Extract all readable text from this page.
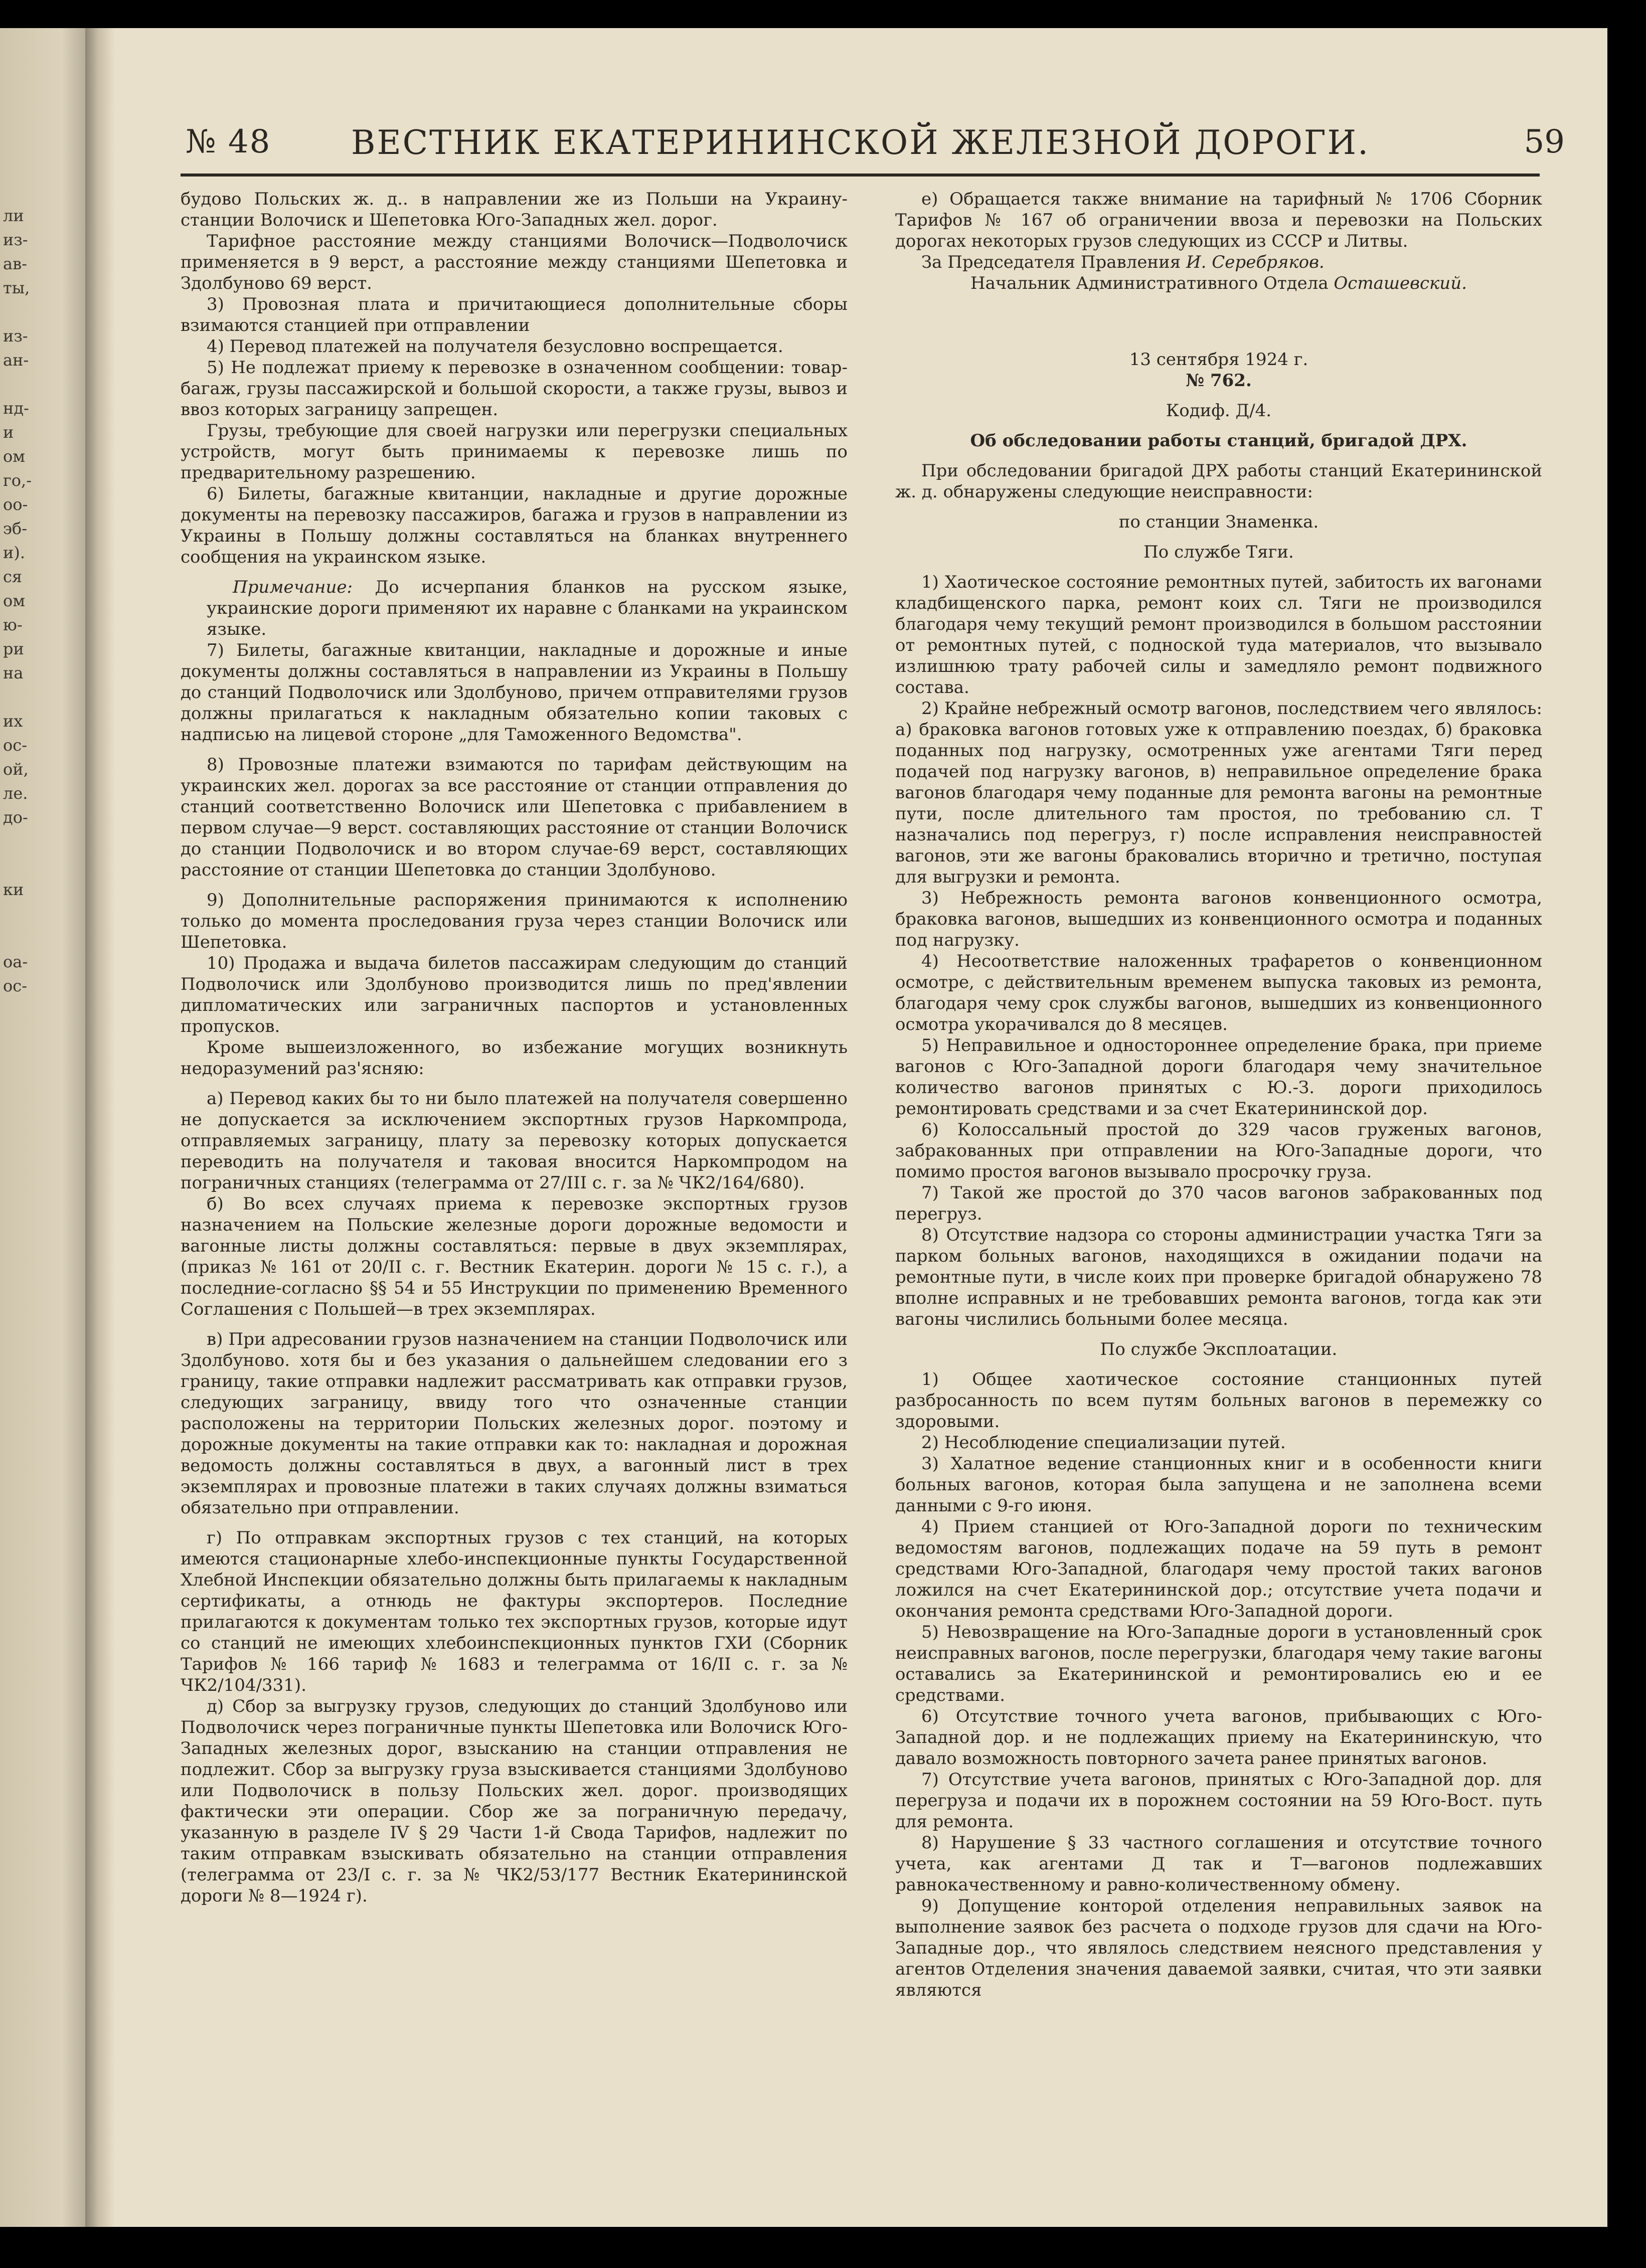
ли
из-
ав-
ты,

из-
ан-

нд-
и
ом
го,-
оо-
эб-
и).
ся
ом
ю-
ри
на

их
ос-
ой,
ле.
до-

ки

оа-
ос-
№ 48 ВЕСТНИК ЕКАТЕРИНИНСКОЙ ЖЕЛЕЗНОЙ ДОРОГИ.	59

будово Польских ж. д.. в направлении же из Польши на Украину-станции Волочиск и Шепетовка Юго-Западных жел. дорог.

Тарифное расстояние между станциями Волочиск—Подволочиск применяется в 9 верст, а расстояние между станциями Шепетовка и Здолбуново 69 верст.

3) Провозная плата и причитающиеся дополнительные сборы взимаются станцией при отправлении

4) Перевод платежей на получателя безусловно воспрещается.

5) Не подлежат приему к перевозке в означенном сообщении: товар-багаж, грузы пассажирской и большой скорости, а также грузы, вывоз и ввоз которых заграницу запрещен.

Грузы, требующие для своей нагрузки или перегрузки специальных устройств, могут быть принимаемы к перевозке лишь по предварительному разрешению.

6) Билеты, багажные квитанции, накладные и другие дорожные документы на перевозку пассажиров, багажа и грузов в направлении из Украины в Польшу должны составляться на бланках внутреннего сообщения на украинском языке.

Примечание: До исчерпания бланков на русском языке, украинские дороги применяют их наравне с бланками на украинском языке.

7) Билеты, багажные квитанции, накладные и дорожные и иные документы должны составляться в направлении из Украины в Польшу до станций Подволочиск или Здолбуново, причем отправителями грузов должны прилагаться к накладным обязательно копии таковых с надписью на лицевой стороне „для Таможенного Ведомства".

8) Провозные платежи взимаются по тарифам действующим на украинских жел. дорогах за все расстояние от станции отправления до станций соответственно Волочиск или Шепетовка с прибавлением в первом случае—9 верст. составляющих расстояние от станции Волочиск до станции Подволочиск и во втором случае-69 верст, составляющих расстояние от станции Шепетовка до станции Здолбуново.

9) Дополнительные распоряжения принимаются к исполнению только до момента проследования груза через станции Волочиск или Шепетовка.

10) Продажа и выдача билетов пассажирам следующим до станций Подволочиск или Здолбуново производится лишь по пред'явлении дипломатических или заграничных паспортов и установленных пропусков.

Кроме вышеизложенного, во избежание могущих возникнуть недоразумений раз'ясняю:

а) Перевод каких бы то ни было платежей на получателя совершенно не допускается за исключением экспортных грузов Наркомпрода, отправляемых заграницу, плату за перевозку которых допускается переводить на получателя и таковая вносится Наркомпродом на пограничных станциях (телеграмма от 27/III с. г. за № ЧК2/164/680).

б) Во всех случаях приема к перевозке экспортных грузов назначением на Польские железные дороги дорожные ведомости и вагонные листы должны составляться: первые в двух экземплярах, (приказ № 161 от 20/II с. г. Вестник Екатерин. дороги № 15 с. г.), а последние-согласно §§ 54 и 55 Инструкции по применению Временного Соглашения с Польшей—в трех экземплярах.

в) При адресовании грузов назначением на станции Подволочиск или Здолбуново. хотя бы и без указания о дальнейшем следовании его з границу, такие отправки надлежит рассматривать как отправки грузов, следующих заграницу, ввиду того что означенные станции расположены на территории Польских железных дорог. поэтому и дорожные документы на такие отправки как то: накладная и дорожная ведомость должны составляться в двух, а вагонный лист в трех экземплярах и провозные платежи в таких случаях должны взиматься обязательно при отправлении.

г) По отправкам экспортных грузов с тех станций, на которых имеются стационарные хлебо-инспекционные пункты Государственной Хлебной Инспекции обязательно должны быть прилагаемы к накладным сертификаты, а отнюдь не фактуры экспортеров. Последние прилагаются к документам только тех экспортных грузов, которые идут со станций не имеющих хлебоинспекционных пунктов ГХИ (Сборник Тарифов № 166 тариф № 1683 и телеграмма от 16/II с. г. за № ЧК2/104/331).

д) Сбор за выгрузку грузов, следующих до станций Здолбуново или Подволочиск через пограничные пункты Шепетовка или Волочиск Юго-Западных железных дорог, взысканию на станции отправления не подлежит. Сбор за выгрузку груза взыскивается станциями Здолбуново или Подволочиск в пользу Польских жел. дорог. производящих фактически эти операции. Сбор же за пограничную передачу, указанную в разделе IV § 29 Части 1-й Свода Тарифов, надлежит по таким отправкам взыскивать обязательно на станции отправления (телеграмма от 23/I с. г. за № ЧК2/53/177 Вестник Екатерининской дороги № 8—1924 г).

е) Обращается также внимание на тарифный № 1706 Сборник Тарифов № 167 об ограничении ввоза и перевозки на Польских дорогах некоторых грузов следующих из СССР и Литвы.

За Председателя Правления И. Серебряков.

Начальник Административного Отдела Осташевский.

13 сентября 1924 г.

№ 762.

Кодиф. Д/4.

Об обследовании работы станций, бригадой ДРХ.

При обследовании бригадой ДРХ работы станций Екатерининской ж. д. обнаружены следующие неисправности:

по станции Знаменка.

По службе Тяги.

1) Хаотическое состояние ремонтных путей, забитость их вагонами кладбищенского парка, ремонт коих сл. Тяги не производился благодаря чему текущий ремонт производился в большом расстоянии от ремонтных путей, с подноской туда материалов, что вызывало излишнюю трату рабочей силы и замедляло ремонт подвижного состава.

2) Крайне небрежный осмотр вагонов, последствием чего являлось: а) браковка вагонов готовых уже к отправлению поездах, б) браковка поданных под нагрузку, осмотренных уже агентами Тяги перед подачей под нагрузку вагонов, в) неправильное определение брака вагонов благодаря чему поданные для ремонта вагоны на ремонтные пути, после длительного там простоя, по требованию сл. Т назначались под перегруз, г) после исправления неисправностей вагонов, эти же вагоны браковались вторично и третично, поступая для выгрузки и ремонта.

3) Небрежность ремонта вагонов конвенционного осмотра, браковка вагонов, вышедших из конвенционного осмотра и поданных под нагрузку.

4) Несоответствие наложенных трафаретов о конвенционном осмотре, с действительным временем выпуска таковых из ремонта, благодаря чему срок службы вагонов, вышедших из конвенционного осмотра укорачивался до 8 месяцев.

5) Неправильное и одностороннее определение брака, при приеме вагонов с Юго-Западной дороги благодаря чему значительное количество вагонов принятых с Ю.-З. дороги приходилось ремонтировать средствами и за счет Екатерининской дор.

6) Колоссальный простой до 329 часов груженых вагонов, забракованных при отправлении на Юго-Западные дороги, что помимо простоя вагонов вызывало просрочку груза.

7) Такой же простой до 370 часов вагонов забракованных под перегруз.

8) Отсутствие надзора со стороны администрации участка Тяги за парком больных вагонов, находящихся в ожидании подачи на ремонтные пути, в числе коих при проверке бригадой обнаружено 78 вполне исправных и не требовавших ремонта вагонов, тогда как эти вагоны числились больными более месяца.

По службе Эксплоатации.

1) Общее хаотическое состояние станционных путей разбросанность по всем путям больных вагонов в перемежку со здоровыми.

2) Несоблюдение специализации путей.

3) Халатное ведение станционных книг и в особенности книги больных вагонов, которая была запущена и не заполнена всеми данными с 9-го июня.

4) Прием станцией от Юго-Западной дороги по техническим ведомостям вагонов, подлежащих подаче на 59 путь в ремонт средствами Юго-Западной, благодаря чему простой таких вагонов ложился на счет Екатерининской дор.; отсутствие учета подачи и окончания ремонта средствами Юго-Западной дороги.

5) Невозвращение на Юго-Западные дороги в установленный срок неисправных вагонов, после перегрузки, благодаря чему такие вагоны оставались за Екатерининской и ремонтировались ею и ее средствами.

6) Отсутствие точного учета вагонов, прибывающих с Юго-Западной дор. и не подлежащих приему на Екатерининскую, что давало возможность повторного зачета ранее принятых вагонов.

7) Отсутствие учета вагонов, принятых с Юго-Западной дор. для перегруза и подачи их в порожнем состоянии на 59 Юго-Вост. путь для ремонта.

8) Нарушение § 33 частного соглашения и отсутствие точного учета, как агентами Д так и Т—вагонов подлежавших равнокачественному и равно-количественному обмену.

9) Допущение конторой отделения неправильных заявок на выполнение заявок без расчета о подходе грузов для сдачи на Юго-Западные дор., что являлось следствием неясного представления у агентов Отделения значения даваемой заявки, считая, что эти заявки являются
